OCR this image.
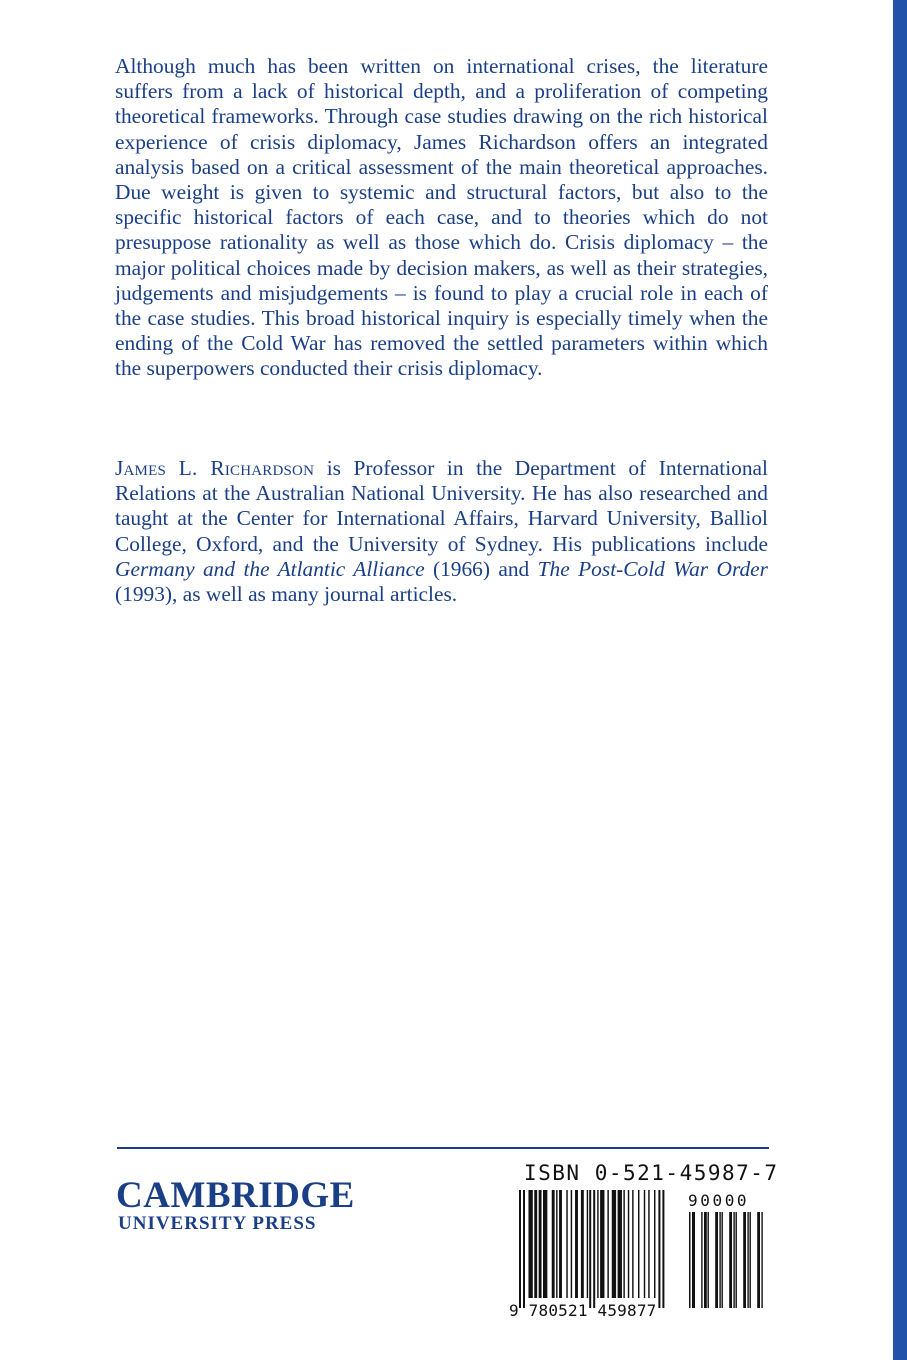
Although much has been written on international crises, the literature suffers from a lack of historical depth, and a proliferation of competing theoretical frameworks. Through case studies drawing on the rich historical experience of crisis diplomacy, James Richardson offers an integrated analysis based on a critical assessment of the main theoretical approaches. Due weight is given to systemic and structural factors, but also to the specific historical factors of each case, and to theories which do not presuppose rationality as well as those which do. Crisis diplomacy – the major political choices made by decision makers, as well as their strategies, judgements and misjudgements – is found to play a crucial role in each of the case studies. This broad historical inquiry is especially timely when the ending of the Cold War has removed the settled parameters within which the superpowers conducted their crisis diplomacy.

James L. Richardson is Professor in the Department of International Relations at the Australian National University. He has also researched and taught at the Center for International Affairs, Harvard University, Balliol College, Oxford, and the University of Sydney. His publications include Germany and the Atlantic Alliance (1966) and The Post-Cold War Order (1993), as well as many journal articles.

CAMBRIDGE
UNIVERSITY PRESS
ISBN 0-521-45987-7
9 780521 459877
90000
